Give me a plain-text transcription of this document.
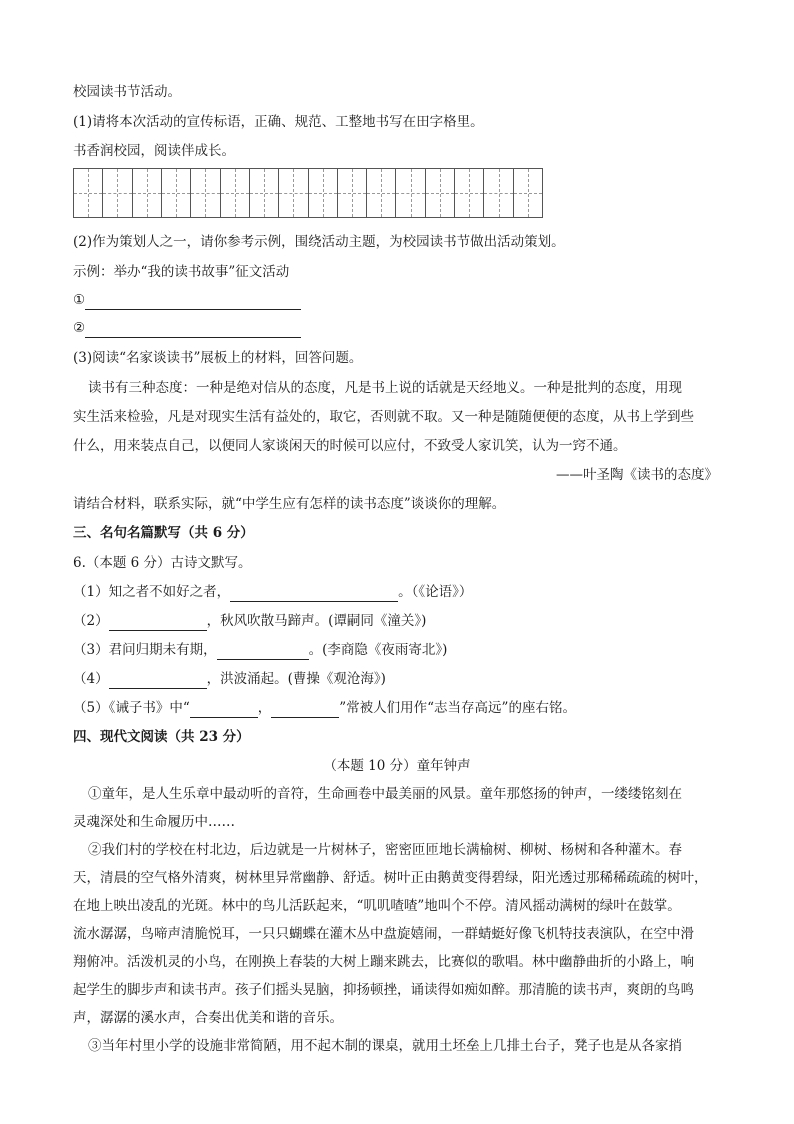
校园读书节活动。
(1)请将本次活动的宣传标语，正确、规范、工整地书写在田字格里。
书香润校园，阅读伴成长。
(2)作为策划人之一，请你参考示例，围绕活动主题，为校园读书节做出活动策划。
示例：举办“我的读书故事”征文活动
①
②
(3)阅读“名家谈读书”展板上的材料，回答问题。
读书有三种态度：一种是绝对信从的态度，凡是书上说的话就是天经地义。一种是批判的态度，用现
实生活来检验，凡是对现实生活有益处的，取它，否则就不取。又一种是随随便便的态度，从书上学到些
什么，用来装点自己，以便同人家谈闲天的时候可以应付，不致受人家讥笑，认为一窍不通。
——叶圣陶《读书的态度》
请结合材料，联系实际，就“中学生应有怎样的读书态度”谈谈你的理解。
三、名句名篇默写（共 6 分）
6.（本题 6 分）古诗文默写。
（1）知之者不如好之者，	。（《论语》）
（2）	，秋风吹散马蹄声。(谭嗣同《潼关》)
（3）君问归期未有期，	。(李商隐《夜雨寄北》)
（4）	，洪波涌起。(曹操《观沧海》)
（5）《诫子书》中“	，	”常被人们用作“志当存高远”的座右铭。
四、现代文阅读（共 23 分）
（本题 10 分）童年钟声
①童年，是人生乐章中最动听的音符，生命画卷中最美丽的风景。童年那悠扬的钟声，一缕缕铭刻在
灵魂深处和生命履历中……
②我们村的学校在村北边，后边就是一片树林子，密密匝匝地长满榆树、柳树、杨树和各种灌木。春
天，清晨的空气格外清爽，树林里异常幽静、舒适。树叶正由鹅黄变得碧绿，阳光透过那稀稀疏疏的树叶，
在地上映出凌乱的光斑。林中的鸟儿活跃起来，“叽叽喳喳”地叫个不停。清风摇动满树的绿叶在鼓掌。
流水潺潺，鸟啼声清脆悦耳，一只只蝴蝶在灌木丛中盘旋嬉闹，一群蜻蜓好像飞机特技表演队，在空中滑
翔俯冲。活泼机灵的小鸟，在刚换上春装的大树上蹦来跳去，比赛似的歌唱。林中幽静曲折的小路上，响
起学生的脚步声和读书声。孩子们摇头晃脑，抑扬顿挫，诵读得如痴如醉。那清脆的读书声，爽朗的鸟鸣
声，潺潺的溪水声，合奏出优美和谐的音乐。
③当年村里小学的设施非常简陋，用不起木制的课桌，就用土坯垒上几排土台子，凳子也是从各家捎
